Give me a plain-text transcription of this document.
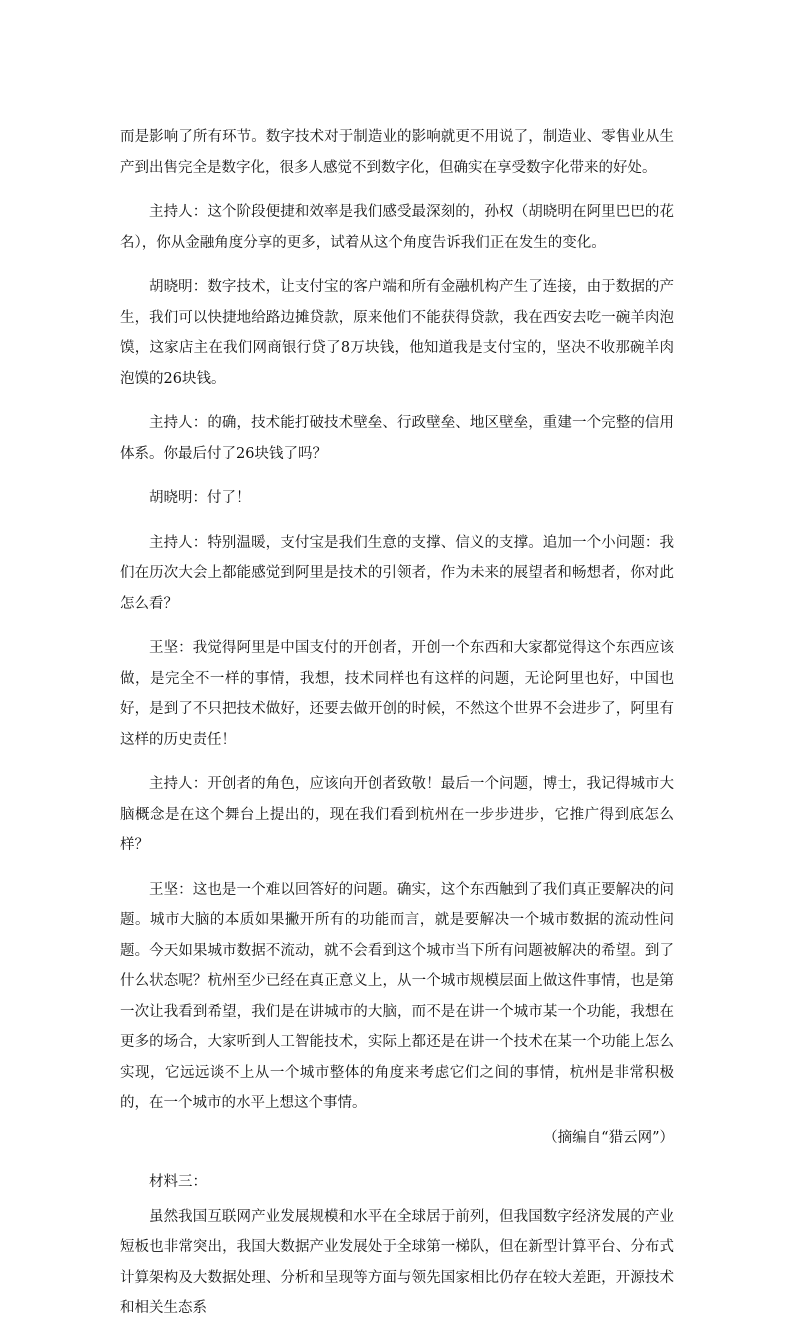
而是影响了所有环节。数字技术对于制造业的影响就更不用说了，制造业、零售业从生产到出售完全是数字化，很多人感觉不到数字化，但确实在享受数字化带来的好处。

主持人：这个阶段便捷和效率是我们感受最深刻的，孙权（胡晓明在阿里巴巴的花名），你从金融角度分享的更多，试着从这个角度告诉我们正在发生的变化。

胡晓明：数字技术，让支付宝的客户端和所有金融机构产生了连接，由于数据的产生，我们可以快捷地给路边摊贷款，原来他们不能获得贷款，我在西安去吃一碗羊肉泡馍，这家店主在我们网商银行贷了8万块钱，他知道我是支付宝的，坚决不收那碗羊肉泡馍的26块钱。

主持人：的确，技术能打破技术壁垒、行政壁垒、地区壁垒，重建一个完整的信用体系。你最后付了26块钱了吗？

胡晓明：付了！

主持人：特别温暖，支付宝是我们生意的支撑、信义的支撑。追加一个小问题：我们在历次大会上都能感觉到阿里是技术的引领者，作为未来的展望者和畅想者，你对此怎么看？

王坚：我觉得阿里是中国支付的开创者，开创一个东西和大家都觉得这个东西应该做，是完全不一样的事情，我想，技术同样也有这样的问题，无论阿里也好，中国也好，是到了不只把技术做好，还要去做开创的时候，不然这个世界不会进步了，阿里有这样的历史责任！

主持人：开创者的角色，应该向开创者致敬！最后一个问题，博士，我记得城市大脑概念是在这个舞台上提出的，现在我们看到杭州在一步步进步，它推广得到底怎么样？

王坚：这也是一个难以回答好的问题。确实，这个东西触到了我们真正要解决的问题。城市大脑的本质如果撇开所有的功能而言，就是要解决一个城市数据的流动性问题。今天如果城市数据不流动，就不会看到这个城市当下所有问题被解决的希望。到了什么状态呢？杭州至少已经在真正意义上，从一个城市规模层面上做这件事情，也是第一次让我看到希望，我们是在讲城市的大脑，而不是在讲一个城市某一个功能，我想在更多的场合，大家听到人工智能技术，实际上都还是在讲一个技术在某一个功能上怎么实现，它远远谈不上从一个城市整体的角度来考虑它们之间的事情，杭州是非常积极的，在一个城市的水平上想这个事情。

（摘编自“猎云网”）

材料三：

虽然我国互联网产业发展规模和水平在全球居于前列，但我国数字经济发展的产业短板也非常突出，我国大数据产业发展处于全球第一梯队，但在新型计算平台、分布式计算架构及大数据处理、分析和呈现等方面与领先国家相比仍存在较大差距，开源技术和相关生态系
